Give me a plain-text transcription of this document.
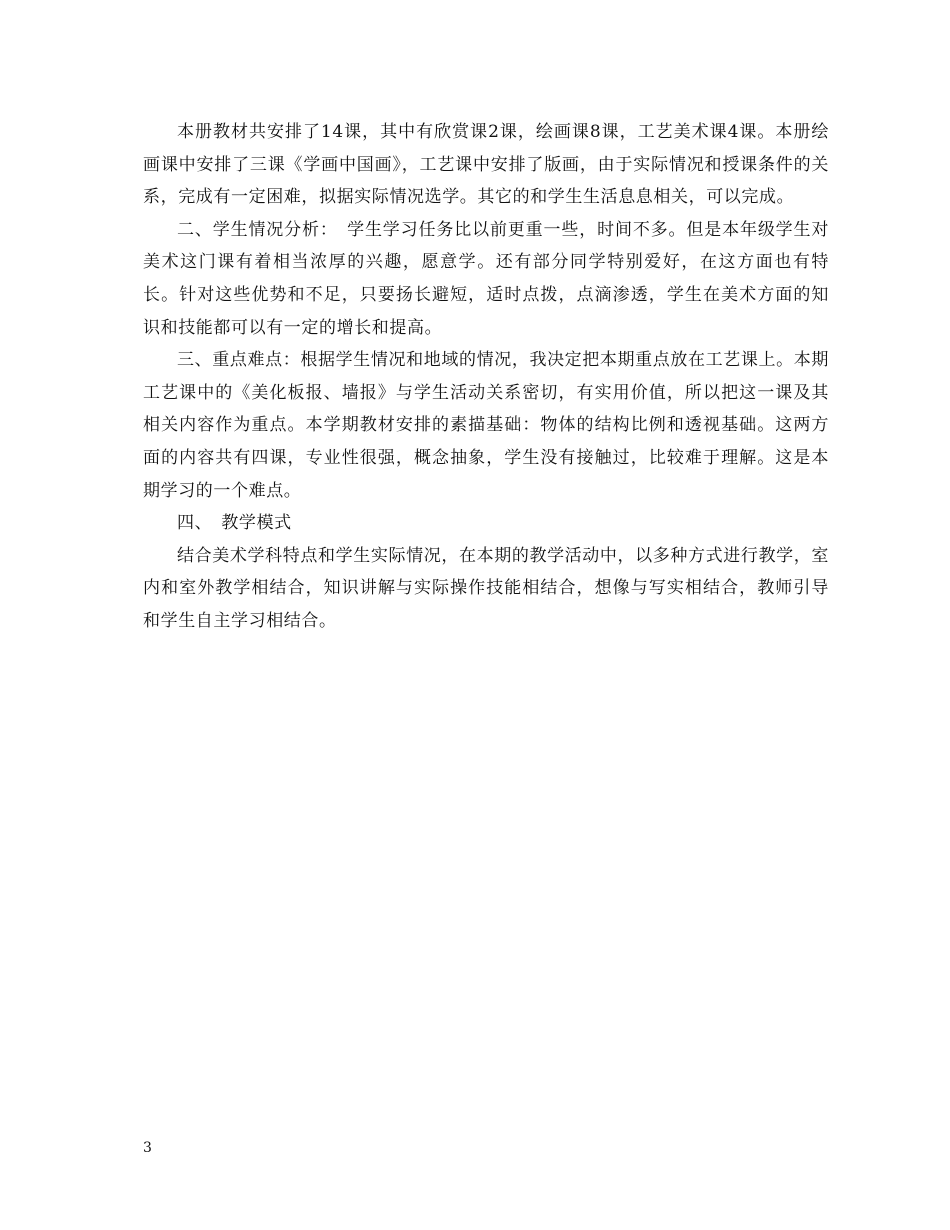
本册教材共安排了14课，其中有欣赏课2课，绘画课8课，工艺美术课4课。本册绘画课中安排了三课《学画中国画》，工艺课中安排了版画，由于实际情况和授课条件的关系，完成有一定困难，拟据实际情况选学。其它的和学生生活息息相关，可以完成。

二、学生情况分析：　学生学习任务比以前更重一些，时间不多。但是本年级学生对美术这门课有着相当浓厚的兴趣，愿意学。还有部分同学特别爱好，在这方面也有特长。针对这些优势和不足，只要扬长避短，适时点拨，点滴渗透，学生在美术方面的知识和技能都可以有一定的增长和提高。

三、重点难点：根据学生情况和地域的情况，我决定把本期重点放在工艺课上。本期工艺课中的《美化板报、墙报》与学生活动关系密切，有实用价值，所以把这一课及其相关内容作为重点。本学期教材安排的素描基础：物体的结构比例和透视基础。这两方面的内容共有四课，专业性很强，概念抽象，学生没有接触过，比较难于理解。这是本期学习的一个难点。

四、　教学模式

结合美术学科特点和学生实际情况，在本期的教学活动中，以多种方式进行教学，室内和室外教学相结合，知识讲解与实际操作技能相结合，想像与写实相结合，教师引导和学生自主学习相结合。

3
